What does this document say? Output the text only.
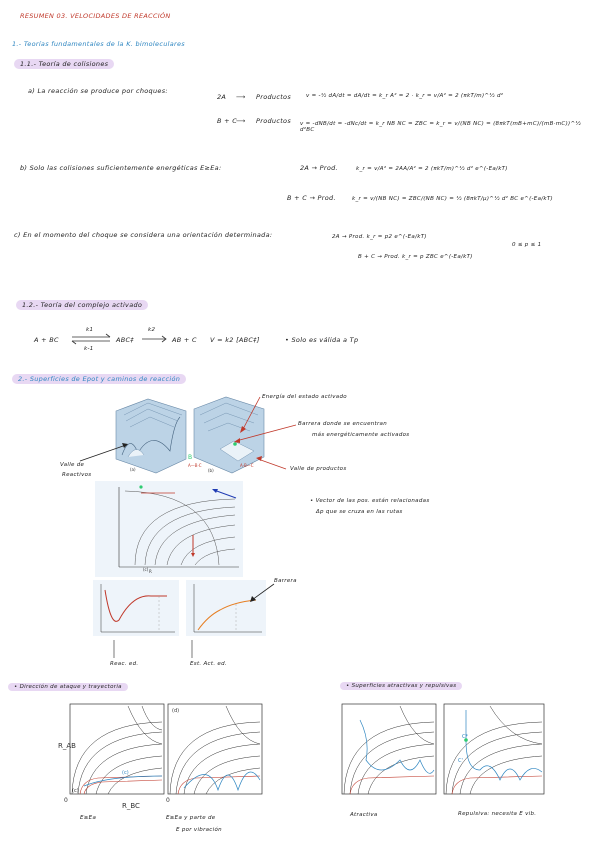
RESUMEN 03. VELOCIDADES DE REACCIÓN
1.- Teorías fundamentales de la K. bimoleculares
1.1.- Teoría de colisiones
a) La reacción se produce por choques:
2A ⟶ Productos	v = -½ dA/dt = dA/dt = k_r A² = 2 · k_r = v/A² = 2 (πkT/m)^½ d²
B + C
⟶ Productos v = -dNB/dt = -dNc/dt = k_r NB NC = ZBC = k_r = v/(NB NC) = (8πkT(mB+mC)/(mB·mC))^½ d²BC
b) Solo las colisiones suficientemente energéticas E≥Ea:	2A → Prod.	k_r = v/A² = 2AA/A² = 2 (πkT/m)^½ d² e^(-Ea/kT)
B + C → Prod.	k_r = v/(NB NC) = ZBC/(NB NC) = ½ (8πkT/μ)^½ d² BC e^(-Ea/kT)
c) En el momento del choque se considera una orientación determinada:	2A → Prod. k_r = p2 e^(-Ea/kT)
0 ≤ p ≤ 1
B + C → Prod. k_r = p ZBC e^(-Ea/kT)
1.2.- Teoría del complejo activado
A + BC ⇌
k1
k-1
ABC‡
k2
AB + C V = k2 [ABC‡]	• Solo es válida a Tp
2.- Superficies de Epot y caminos de reacción
(a)	(b)
B
A—B·C	A·B—C
Energía del estado activado
Barrera donde se encuentran
más energéticamente activados
Valle de
Reactivos
Valle de productos
R
(c)
• Vector de las pos. están relacionadas
Δp que se cruza en las rutas
Barrera
Reac. ed.	Est. Act. ed.
• Dirección de ataque y trayectoria	• Superficies atractivas y repulsivas
(c)
(d)
(c)
R_AB
R_BC
0	0
E≥Ea	E≥Ea y parte de
E por vibración
C*
C'
Atractiva	Repulsiva: necesita E vib.
